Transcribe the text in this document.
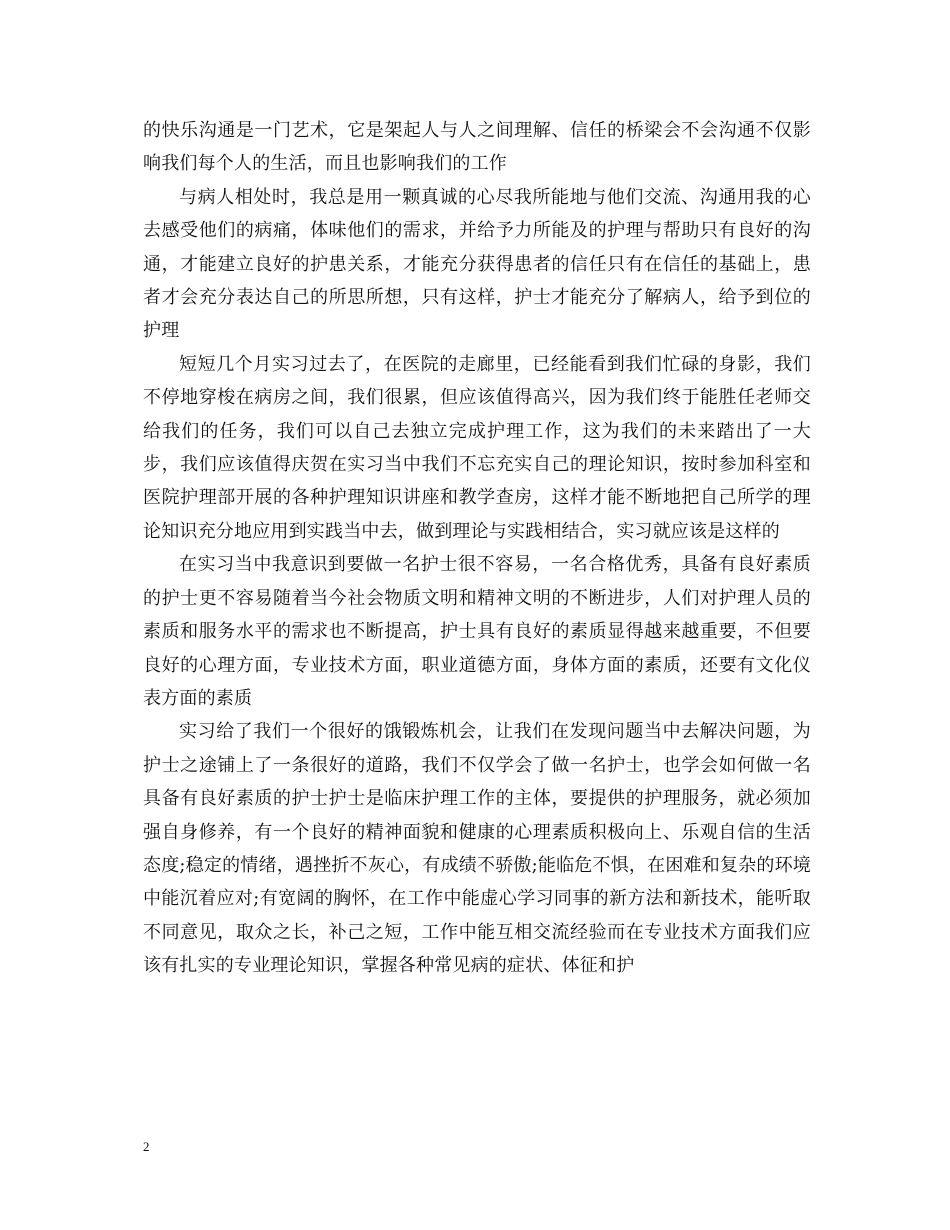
的快乐沟通是一门艺术，它是架起人与人之间理解、信任的桥梁会不会沟通不仅影响我们每个人的生活，而且也影响我们的工作

与病人相处时，我总是用一颗真诚的心尽我所能地与他们交流、沟通用我的心去感受他们的病痛，体味他们的需求，并给予力所能及的护理与帮助只有良好的沟通，才能建立良好的护患关系，才能充分获得患者的信任只有在信任的基础上，患者才会充分表达自己的所思所想，只有这样，护士才能充分了解病人，给予到位的护理

短短几个月实习过去了，在医院的走廊里，已经能看到我们忙碌的身影，我们不停地穿梭在病房之间，我们很累，但应该值得高兴，因为我们终于能胜任老师交给我们的任务，我们可以自己去独立完成护理工作，这为我们的未来踏出了一大步，我们应该值得庆贺在实习当中我们不忘充实自己的理论知识，按时参加科室和医院护理部开展的各种护理知识讲座和教学查房，这样才能不断地把自己所学的理论知识充分地应用到实践当中去，做到理论与实践相结合，实习就应该是这样的

在实习当中我意识到要做一名护士很不容易，一名合格优秀，具备有良好素质的护士更不容易随着当今社会物质文明和精神文明的不断进步，人们对护理人员的素质和服务水平的需求也不断提高，护士具有良好的素质显得越来越重要，不但要良好的心理方面，专业技术方面，职业道德方面，身体方面的素质，还要有文化仪表方面的素质

实习给了我们一个很好的饿锻炼机会，让我们在发现问题当中去解决问题，为护士之途铺上了一条很好的道路，我们不仅学会了做一名护士，也学会如何做一名具备有良好素质的护士护士是临床护理工作的主体，要提供的护理服务，就必须加强自身修养，有一个良好的精神面貌和健康的心理素质积极向上、乐观自信的生活态度;稳定的情绪，遇挫折不灰心，有成绩不骄傲;能临危不惧，在困难和复杂的环境中能沉着应对;有宽阔的胸怀，在工作中能虚心学习同事的新方法和新技术，能听取不同意见，取众之长，补己之短，工作中能互相交流经验而在专业技术方面我们应该有扎实的专业理论知识，掌握各种常见病的症状、体征和护

2
